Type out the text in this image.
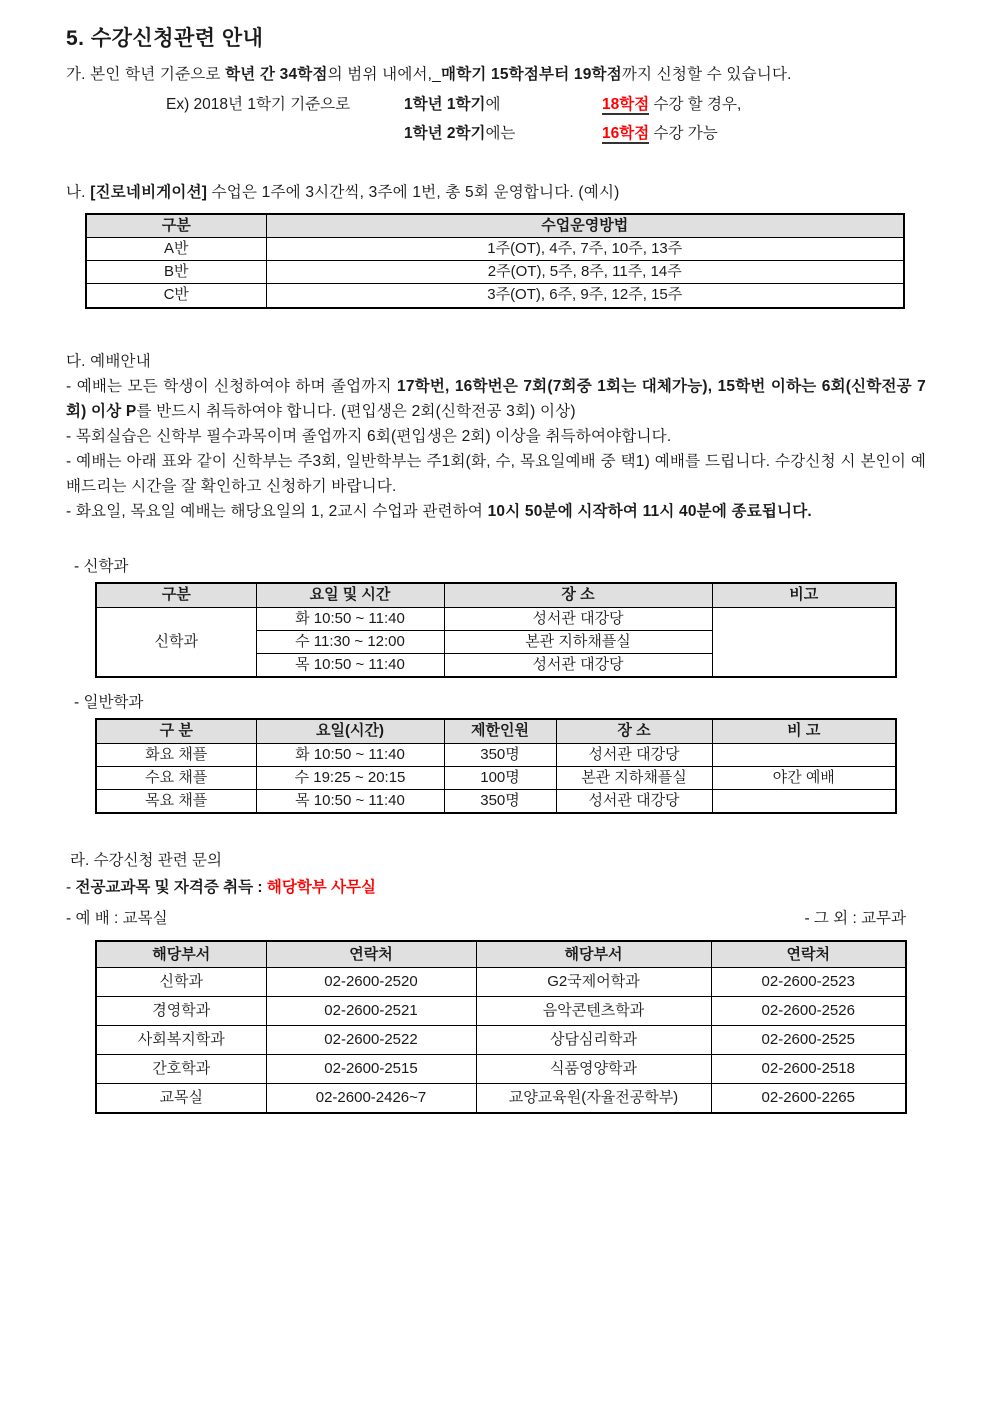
5. 수강신청관련 안내
가. 본인 학년 기준으로 학년 간 34학점의 범위 내에서,_매학기 15학점부터 19학점까지 신청할 수 있습니다.
Ex) 2018년 1학기 기준으로	1학년 1학기에	18학점 수강 할 경우,
1학년 2학기에는	16학점 수강 가능
나. [진로네비게이션] 수업은 1주에 3시간씩, 3주에 1번, 총 5회 운영합니다. (예시)
구분	수업운영방법
A반	1주(OT), 4주, 7주, 10주, 13주
B반	2주(OT), 5주, 8주, 11주, 14주
C반	3주(OT), 6주, 9주, 12주, 15주
다. 예배안내
- 예배는 모든 학생이 신청하여야 하며 졸업까지 17학번, 16학번은 7회(7회중 1회는 대체가능), 15학번 이하는 6회(신학전공 7회) 이상 P를 반드시 취득하여야 합니다. (편입생은 2회(신학전공 3회) 이상)
- 목회실습은 신학부 필수과목이며 졸업까지 6회(편입생은 2회) 이상을 취득하여야합니다.
- 예배는 아래 표와 같이 신학부는 주3회, 일반학부는 주1회(화, 수, 목요일예배 중 택1) 예배를 드립니다. 수강신청 시 본인이 예배드리는 시간을 잘 확인하고 신청하기 바랍니다.
- 화요일, 목요일 예배는 해당요일의 1, 2교시 수업과 관련하여 10시 50분에 시작하여 11시 40분에 종료됩니다.
- 신학과
구분	요일 및 시간	장 소	비고
신학과	화 10:50 ~ 11:40	성서관 대강당	
	수 11:30 ~ 12:00	본관 지하채플실	
	목 10:50 ~ 11:40	성서관 대강당	
- 일반학과
구 분	요일(시간)	제한인원	장 소	비 고
화요 채플	화 10:50 ~ 11:40	350명	성서관 대강당	
수요 채플	수 19:25 ~ 20:15	100명	본관 지하채플실	야간 예배
목요 채플	목 10:50 ~ 11:40	350명	성서관 대강당	
라. 수강신청 관련 문의
- 전공교과목 및 자격증 취득 : 해당학부 사무실
- 예 배 : 교목실	- 그 외 : 교무과
해당부서	연락처	해당부서	연락처
신학과	02-2600-2520	G2국제어학과	02-2600-2523
경영학과	02-2600-2521	음악콘텐츠학과	02-2600-2526
사회복지학과	02-2600-2522	상담심리학과	02-2600-2525
간호학과	02-2600-2515	식품영양학과	02-2600-2518
교목실	02-2600-2426~7	교양교육원(자율전공학부)	02-2600-2265
